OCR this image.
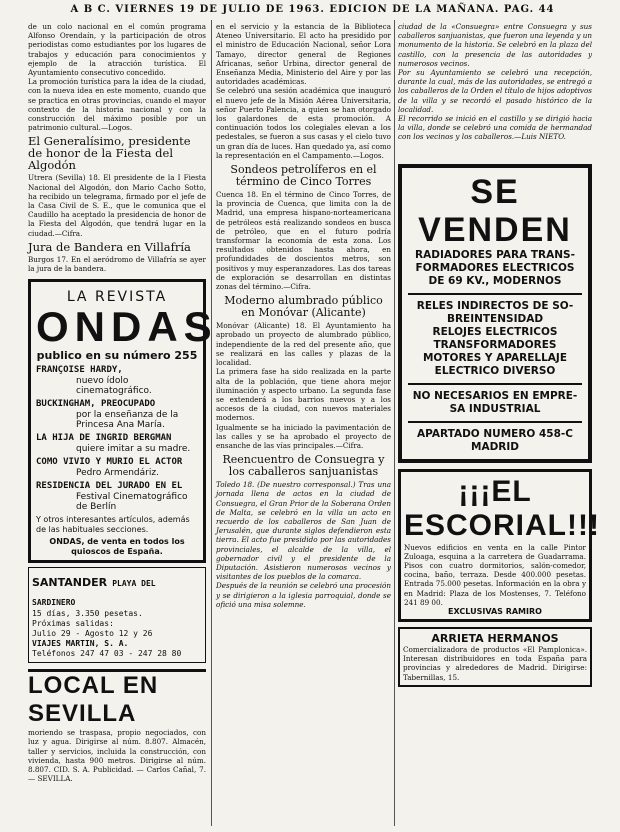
A B C. VIERNES 19 DE JULIO DE 1963. EDICION DE LA MAÑANA. PAG. 44

de un colo nacional en el común programa Alfonso Orendaín, y la participación de otros periodistas como estudiantes por los lugares de trabajos y educación para conocimientos y ejemplo de la atracción turística. El Ayuntamiento consecutivo concedido.

La promoción turística para la idea de la ciudad, con la nueva idea en este momento, cuando que se practica en otras provincias, cuando el mayor contexto de la historia nacional y con la construcción del máximo posible por un patrimonio cultural.—Logos.

El Generalísimo, presidente de honor de la Fiesta del Algodón

Utrera (Sevilla) 18. El presidente de la I Fiesta Nacional del Algodón, don Mario Cacho Sotto, ha recibido un telegrama, firmado por el jefe de la Casa Civil de S. E., que le comunica que el Caudillo ha aceptado la presidencia de honor de la Fiesta del Algodón, que tendrá lugar en la ciudad.—Cifra.

Jura de Bandera en Villafría

Burgos 17. En el aeródromo de Villafría se ayer la jura de la bandera.

LA REVISTA
ONDAS
publico en su número 255
FRANÇOISE HARDY,
nuevo ídolo cinematográfico.
BUCKINGHAM, PREOCUPADO
por la enseñanza de la Princesa Ana María.
LA HIJA DE INGRID BERGMAN
quiere imitar a su madre.
COMO VIVIO Y MURIO EL ACTOR
Pedro Armendáriz.
RESIDENCIA DEL JURADO EN EL
Festival Cinematográfico de Berlín
Y otros interesantes artículos, además de las habituales secciones.
ONDAS, de venta en todos los quioscos de España.
SANTANDER PLAYA DEL SARDINERO
15 días, 3.350 pesetas.
Próximas salidas:
Julio 29 - Agosto 12 y 26
VIAJES MARTIN, S. A.
Teléfonos 247 47 03 - 247 28 80
LOCAL EN SEVILLA

moriendo se traspasa, propio negociados, con luz y agua. Dirigirse al núm. 8.807. Almacén, taller y servicios, incluida la construcción, con vivienda, hasta 900 metros. Dirigirse al núm. 8.807. CID. S. A. Publicidad. — Carlos Cañal, 7. — SEVILLA.

en el servicio y la estancia de la Biblioteca Ateneo Universitario. El acto ha presidido por el ministro de Educación Nacional, señor Lora Tamayo, director general de Regiones Africanas, señor Urbina, director general de Enseñanza Media, Ministerio del Aire y por las autoridades académicas.

Se celebró una sesión académica que inauguró el nuevo jefe de la Misión Aérea Universitaria, señor Puerto Palencia, a quien se han otorgado los galardones de esta promoción. A continuación todos los colegiales elevan a los pedestales, se fueron a sus casas y el cielo tuvo un gran día de luces. Han quedado ya, así como la representación en el Campamento.—Logos.

Sondeos petrolíferos en el término de Cinco Torres

Cuenca 18. En el término de Cinco Torres, de la provincia de Cuenca, que limita con la de Madrid, una empresa hispano-norteamericana de petróleos está realizando sondeos en busca de petróleo, que en el futuro podría transformar la economía de esta zona. Los resultados obtenidos hasta ahora, en profundidades de doscientos metros, son positivos y muy esperanzadores. Las dos tareas de exploración se desarrollan en distintas zonas del término.—Cifra.

Moderno alumbrado público en Monóvar (Alicante)

Monóvar (Alicante) 18. El Ayuntamiento ha aprobado un proyecto de alumbrado público, independiente de la red del presente año, que se realizará en las calles y plazas de la localidad.

La primera fase ha sido realizada en la parte alta de la población, que tiene ahora mejor iluminación y aspecto urbano. La segunda fase se extenderá a los barrios nuevos y a los accesos de la ciudad, con nuevos materiales modernos.

Igualmente se ha iniciado la pavimentación de las calles y se ha aprobado el proyecto de ensanche de las vías principales.—Cifra.

Reencuentro de Consuegra y los caballeros sanjuanistas

Toledo 18. (De nuestro corresponsal.) Tras una jornada llena de actos en la ciudad de Consuegra, el Gran Prior de la Soberana Orden de Malta, se celebró en la villa un acto en recuerdo de los caballeros de San Juan de Jerusalén, que durante siglos defendieron esta tierra. El acto fue presidido por las autoridades provinciales, el alcalde de la villa, el gobernador civil y el presidente de la Diputación. Asistieron numerosos vecinos y visitantes de los pueblos de la comarca.

Después de la reunión se celebró una procesión y se dirigieron a la iglesia parroquial, donde se ofició una misa solemne.

ciudad de la «Consuegra» entre Consuegra y sus caballeros sanjuanistas, que fueron una leyenda y un monumento de la historia. Se celebró en la plaza del castillo, con la presencia de las autoridades y numerosos vecinos.

Por su Ayuntamiento se celebró una recepción, durante la cual, más de las autoridades, se entregó a los caballeros de la Orden el título de hijos adoptivos de la villa y se recordó el pasado histórico de la localidad.

El recorrido se inició en el castillo y se dirigió hacia la villa, donde se celebró una comida de hermandad con los vecinos y los caballeros.—Luis NIETO.

SE VENDEN
RADIADORES PARA TRANS-
FORMADORES ELECTRICOS
DE 69 KV., MODERNOS
RELES INDIRECTOS DE SO-
BREINTENSIDAD
RELOJES ELECTRICOS
TRANSFORMADORES
MOTORES Y APARELLAJE
ELECTRICO DIVERSO
NO NECESARIOS EN EMPRE-
SA INDUSTRIAL
APARTADO NUMERO 458-C
MADRID
¡¡¡EL ESCORIAL!!!

Nuevos edificios en venta en la calle Pintor Zuloaga, esquina a la carretera de Guadarrama. Pisos con cuatro dormitorios, salón-comedor, cocina, baño, terraza. Desde 400.000 pesetas. Entrada 75.000 pesetas. Información en la obra y en Madrid: Plaza de los Mostenses, 7. Teléfono 241 89 00.

EXCLUSIVAS RAMIRO
ARRIETA HERMANOS

Comercializadora de productos «El Pamplonica». Interesan distribuidores en toda España para provincias y alrededores de Madrid. Dirigirse: Tabernillas, 15.
